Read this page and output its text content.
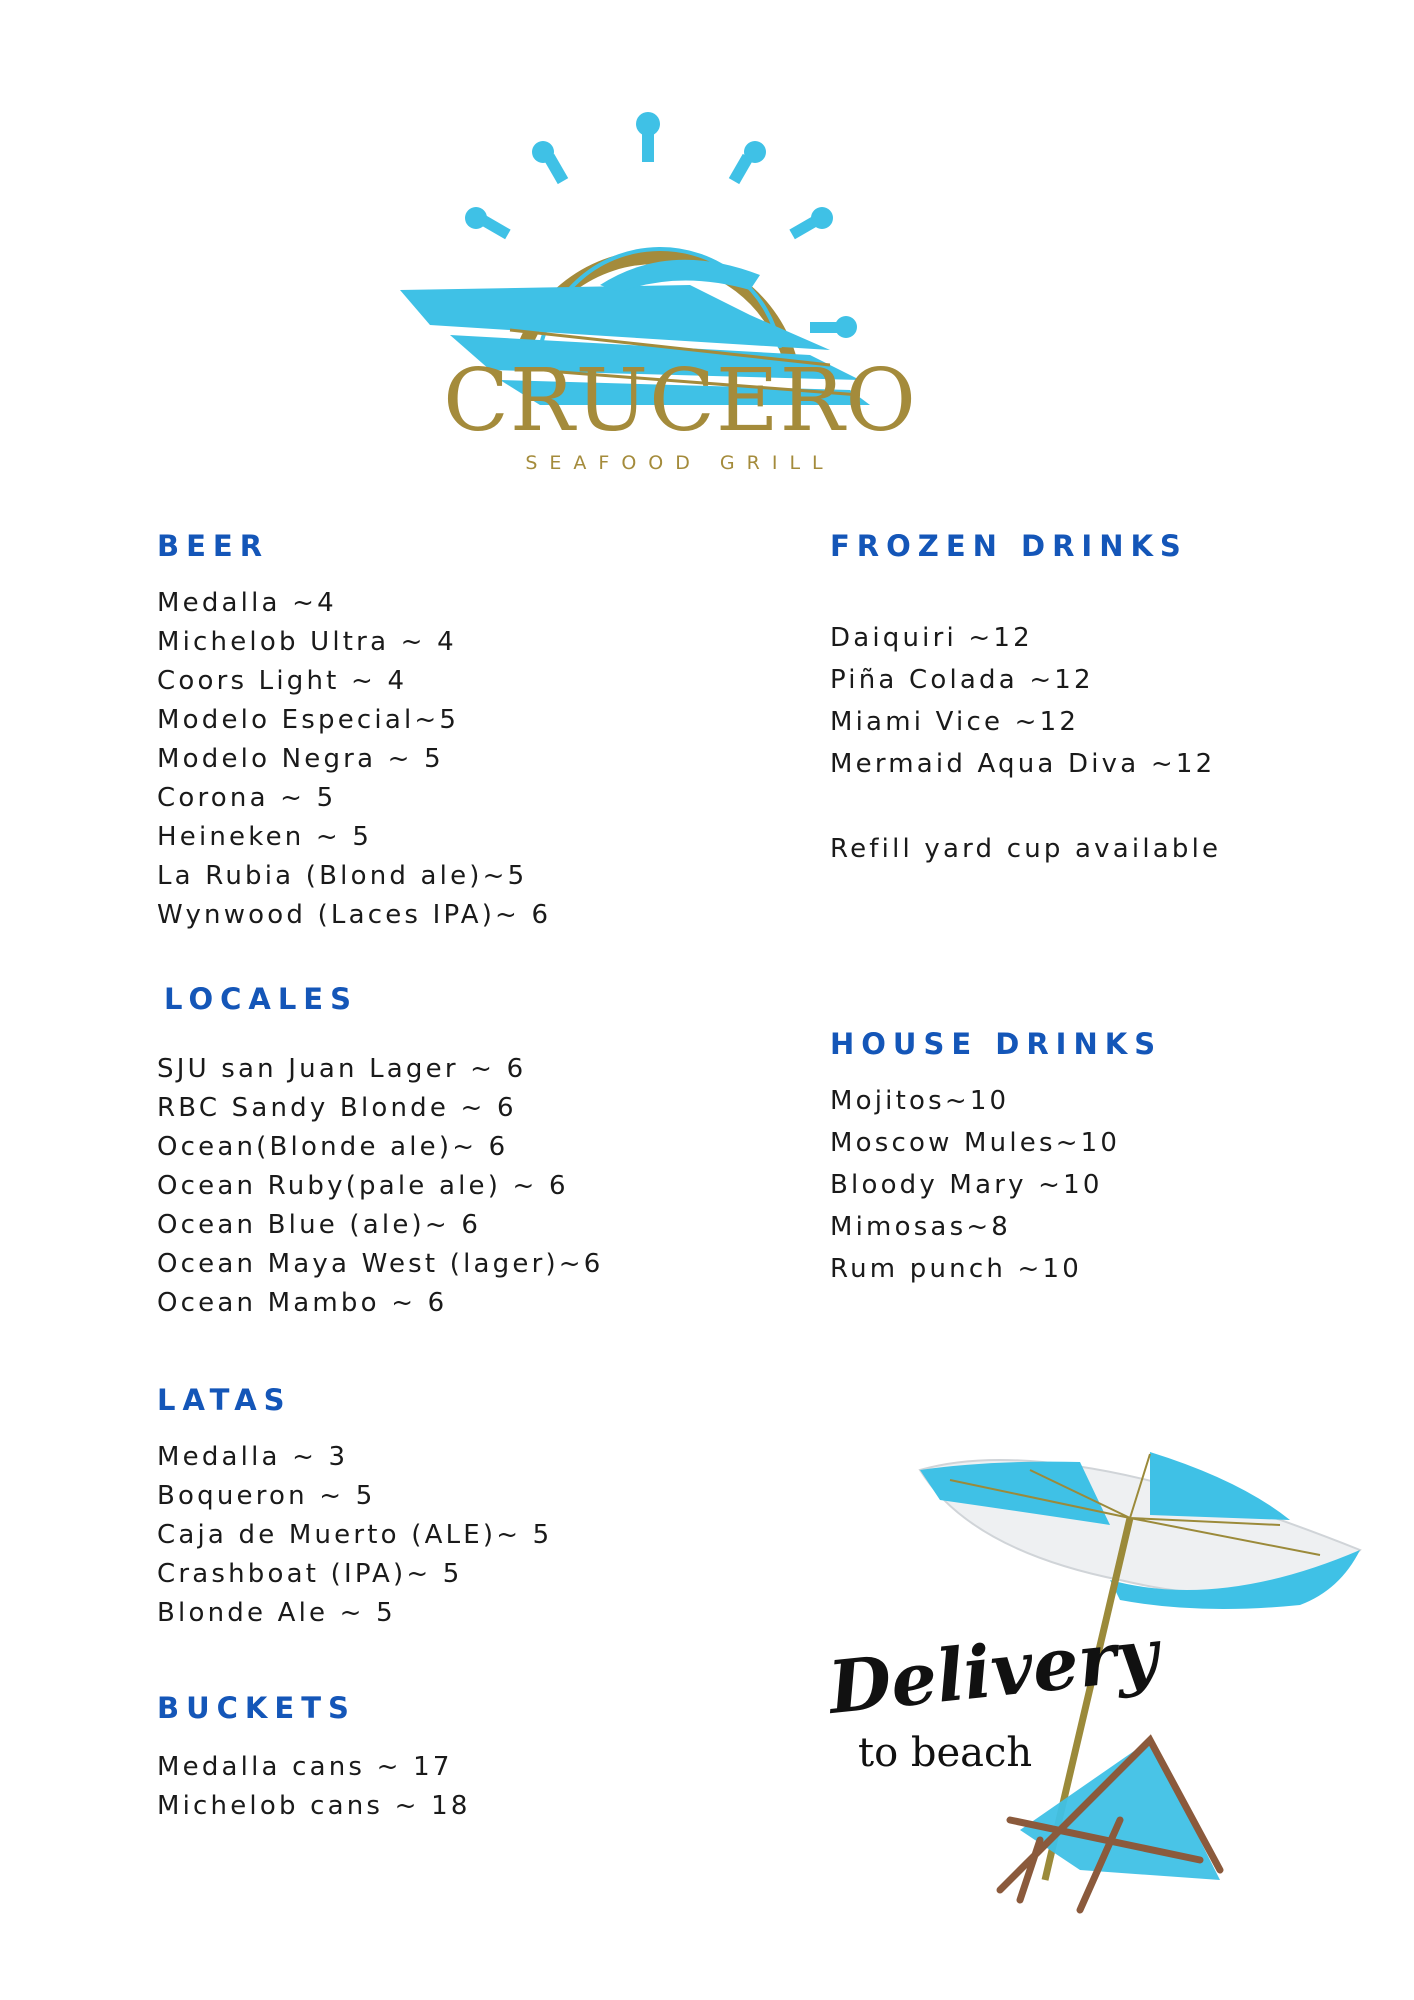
CRUCERO
SEAFOOD GRILL
BEER
Medalla ~4
Michelob Ultra ~ 4
Coors Light ~ 4
Modelo Especial~5
Modelo Negra ~ 5
Corona ~ 5
Heineken ~ 5
La Rubia (Blond ale)~5
Wynwood (Laces IPA)~ 6
LOCALES
SJU san Juan Lager ~ 6
RBC Sandy Blonde ~ 6
Ocean(Blonde ale)~ 6
Ocean Ruby(pale ale) ~ 6
Ocean Blue (ale)~ 6
Ocean Maya West (lager)~6
Ocean Mambo ~ 6
LATAS
Medalla ~ 3
Boqueron ~ 5
Caja de Muerto (ALE)~ 5
Crashboat (IPA)~ 5
Blonde Ale ~ 5
BUCKETS
Medalla cans ~ 17
Michelob cans ~ 18
FROZEN DRINKS
Daiquiri ~12
Piña Colada ~12
Miami Vice ~12
Mermaid Aqua Diva ~12
Refill yard cup available
HOUSE DRINKS
Mojitos~10
Moscow Mules~10
Bloody Mary ~10
Mimosas~8
Rum punch ~10
Delivery
to beach
